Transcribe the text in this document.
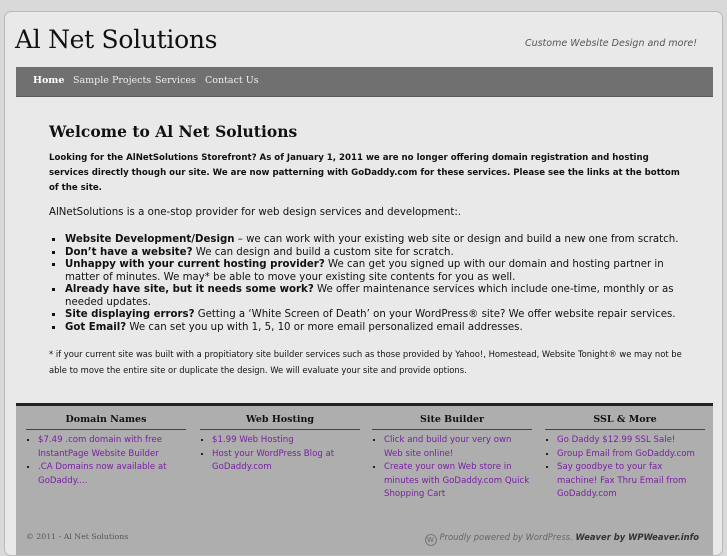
Al Net Solutions	Custome Website Design and more!
Home Sample Projects Services Contact Us
Welcome to Al Net Solutions
Looking for the AlNetSolutions Storefront? As of January 1, 2011 we are no longer offering domain registration and hosting services directly though our site. We are now patterning with GoDaddy.com for these services. Please see the links at the bottom of the site.
AlNetSolutions is a one-stop provider for web design services and development:.
▪ Website Development/Design – we can work with your existing web site or design and build a new one from scratch.
▪ Don’t have a website? We can design and build a custom site for scratch.
▪ Unhappy with your current hosting provider? We can get you signed up with our domain and hosting partner in matter of minutes. We may* be able to move your existing site contents for you as well.
▪ Already have site, but it needs some work? We offer maintenance services which include one-time, monthly or as needed updates.
▪ Site displaying errors? Getting a ‘White Screen of Death’ on your WordPress® site? We offer website repair services.
▪ Got Email? We can set you up with 1, 5, 10 or more email personalized email addresses.
* if your current site was built with a propitiatory site builder services such as those provided by Yahoo!, Homestead, Website Tonight® we may not be able to move the entire site or duplicate the design. We will evaluate your site and provide options.
Domain Names
▪ $7.49 .com domain with free InstantPage Website Builder
▪ .CA Domains now available at GoDaddy....
Web Hosting
▪ $1.99 Web Hosting
▪ Host your WordPress Blog at GoDaddy.com
Site Builder
▪ Click and build your very own Web site online!
▪ Create your own Web store in minutes with GoDaddy.com Quick Shopping Cart
SSL & More
▪ Go Daddy $12.99 SSL Sale!
▪ Group Email from GoDaddy.com
▪ Say goodbye to your fax machine! Fax Thru Email from GoDaddy.com
© 2011 - Al Net Solutions	W Proudly powered by WordPress. Weaver by WPWeaver.info
